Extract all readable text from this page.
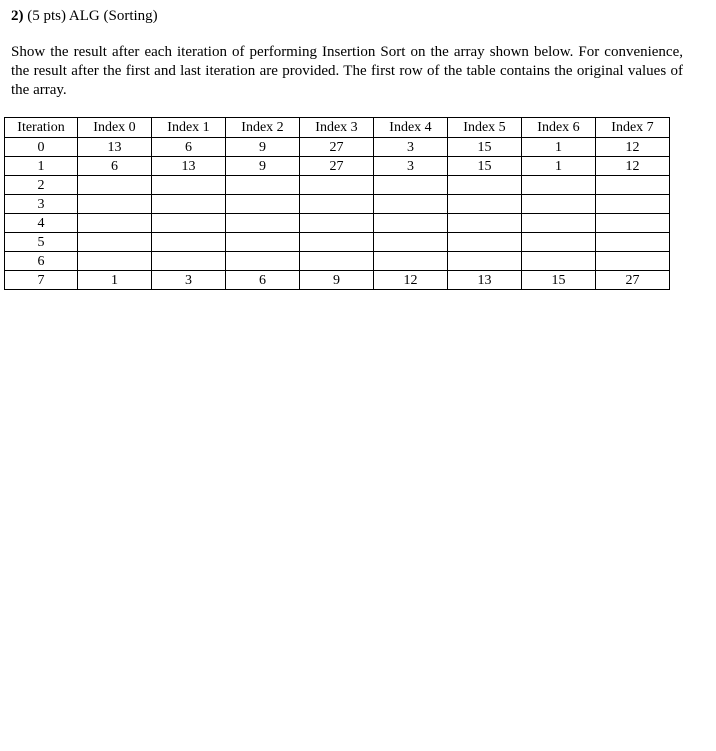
2) (5 pts) ALG (Sorting)
Show the result after each iteration of performing Insertion Sort on the array shown below. For convenience, the result after the first and last iteration are provided. The first row of the table contains the original values of the array.
Iteration	Index 0	Index 1	Index 2	Index 3	Index 4	Index 5	Index 6	Index 7
0	13	6	9	27	3	15	1	12
1	6	13	9	27	3	15	1	12
2								
3								
4								
5								
6								
7	1	3	6	9	12	13	15	27
